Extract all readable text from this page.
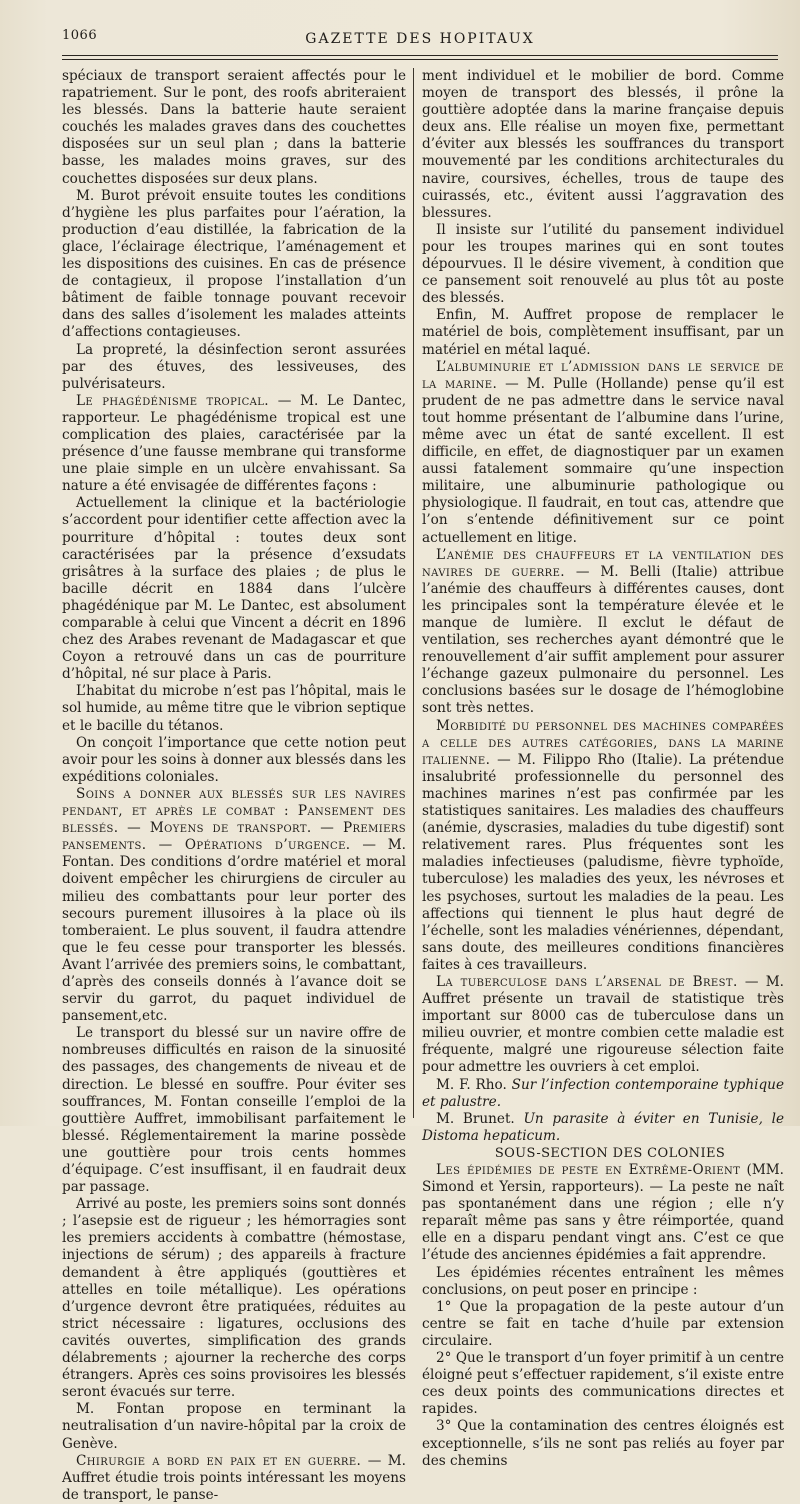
1066	GAZETTE DES HOPITAUX

spéciaux de transport seraient affectés pour le rapatriement. Sur le pont, des roofs abriteraient les blessés. Dans la batterie haute seraient couchés les malades graves dans des couchettes disposées sur un seul plan ; dans la batterie basse, les malades moins graves, sur des couchettes disposées sur deux plans.

M. Burot prévoit ensuite toutes les conditions d’hygiène les plus parfaites pour l’aération, la production d’eau distillée, la fabrication de la glace, l’éclairage électrique, l’aménagement et les dispositions des cuisines. En cas de présence de contagieux, il propose l’installation d’un bâtiment de faible tonnage pouvant recevoir dans des salles d’isolement les malades atteints d’affections contagieuses.

La propreté, la désinfection seront assurées par des étuves, des lessiveuses, des pulvérisateurs.

Le phagédénisme tropical. — M. Le Dantec, rapporteur. Le phagédénisme tropical est une complication des plaies, caractérisée par la présence d’une fausse membrane qui transforme une plaie simple en un ulcère envahissant. Sa nature a été envisagée de différentes façons :

Actuellement la clinique et la bactériologie s’accordent pour identifier cette affection avec la pourriture d’hôpital : toutes deux sont caractérisées par la présence d’exsudats grisâtres à la surface des plaies ; de plus le bacille décrit en 1884 dans l’ulcère phagédénique par M. Le Dantec, est absolument comparable à celui que Vincent a décrit en 1896 chez des Arabes revenant de Madagascar et que Coyon a retrouvé dans un cas de pourriture d’hôpital, né sur place à Paris.

L’habitat du microbe n’est pas l’hôpital, mais le sol humide, au même titre que le vibrion septique et le bacille du tétanos.

On conçoit l’importance que cette notion peut avoir pour les soins à donner aux blessés dans les expéditions coloniales.

Soins a donner aux blessés sur les navires pendant, et après le combat : Pansement des blessés. — Moyens de transport. — Premiers pansements. — Opérations d’urgence. — M. Fontan. Des conditions d’ordre matériel et moral doivent empêcher les chirurgiens de circuler au milieu des combattants pour leur porter des secours purement illusoires à la place où ils tomberaient. Le plus souvent, il faudra attendre que le feu cesse pour transporter les blessés. Avant l’arrivée des premiers soins, le combattant, d’après des conseils donnés à l’avance doit se servir du garrot, du paquet individuel de pansement,etc.

Le transport du blessé sur un navire offre de nombreuses difficultés en raison de la sinuosité des passages, des changements de niveau et de direction. Le blessé en souffre. Pour éviter ses souffrances, M. Fontan conseille l’emploi de la gouttière Auffret, immobilisant parfaitement le blessé. Réglementairement la marine possède une gouttière pour trois cents hommes d’équipage. C’est insuffisant, il en faudrait deux par passage.

Arrivé au poste, les premiers soins sont donnés ; l’asepsie est de rigueur ; les hémorragies sont les premiers accidents à combattre (hémostase, injections de sérum) ; des appareils à fracture demandent à être appliqués (gouttières et attelles en toile métallique). Les opérations d’urgence devront être pratiquées, réduites au strict nécessaire : ligatures, occlusions des cavités ouvertes, simplification des grands délabrements ; ajourner la recherche des corps étrangers. Après ces soins provisoires les blessés seront évacués sur terre.

M. Fontan propose en terminant la neutralisation d’un navire-hôpital par la croix de Genève.

Chirurgie a bord en paix et en guerre. — M. Auffret étudie trois points intéressant les moyens de transport, le panse-

ment individuel et le mobilier de bord. Comme moyen de transport des blessés, il prône la gouttière adoptée dans la marine française depuis deux ans. Elle réalise un moyen fixe, permettant d’éviter aux blessés les souffrances du transport mouvementé par les conditions architecturales du navire, coursives, échelles, trous de taupe des cuirassés, etc., évitent aussi l’aggravation des blessures.

Il insiste sur l’utilité du pansement individuel pour les troupes marines qui en sont toutes dépourvues. Il le désire vivement, à condition que ce pansement soit renouvelé au plus tôt au poste des blessés.

Enfin, M. Auffret propose de remplacer le matériel de bois, complètement insuffisant, par un matériel en métal laqué.

L’albuminurie et l’admission dans le service de la marine. — M. Pulle (Hollande) pense qu’il est prudent de ne pas admettre dans le service naval tout homme présentant de l’albumine dans l’urine, même avec un état de santé excellent. Il est difficile, en effet, de diagnostiquer par un examen aussi fatalement sommaire qu’une inspection militaire, une albuminurie pathologique ou physiologique. Il faudrait, en tout cas, attendre que l’on s’entende définitivement sur ce point actuellement en litige.

L’anémie des chauffeurs et la ventilation des navires de guerre. — M. Belli (Italie) attribue l’anémie des chauffeurs à différentes causes, dont les principales sont la température élevée et le manque de lumière. Il exclut le défaut de ventilation, ses recherches ayant démontré que le renouvellement d’air suffit amplement pour assurer l’échange gazeux pulmonaire du personnel. Les conclusions basées sur le dosage de l’hémoglobine sont très nettes.

Morbidité du personnel des machines comparées a celle des autres catégories, dans la marine italienne. — M. Filippo Rho (Italie). La prétendue insalubrité professionnelle du personnel des machines marines n’est pas confirmée par les statistiques sanitaires. Les maladies des chauffeurs (anémie, dyscrasies, maladies du tube digestif) sont relativement rares. Plus fréquentes sont les maladies infectieuses (paludisme, fièvre typhoïde, tuberculose) les maladies des yeux, les névroses et les psychoses, surtout les maladies de la peau. Les affections qui tiennent le plus haut degré de l’échelle, sont les maladies vénériennes, dépendant, sans doute, des meilleures conditions financières faites à ces travailleurs.

La tuberculose dans l’arsenal de Brest. — M. Auffret présente un travail de statistique très important sur 8000 cas de tuberculose dans un milieu ouvrier, et montre combien cette maladie est fréquente, malgré une rigoureuse sélection faite pour admettre les ouvriers à cet emploi.

M. F. Rho. Sur l’infection contemporaine typhique et palustre.

M. Brunet. Un parasite à éviter en Tunisie, le Distoma hepaticum.

SOUS-SECTION DES COLONIES

Les épidémies de peste en Extrême-Orient (MM. Simond et Yersin, rapporteurs). — La peste ne naît pas spontanément dans une région ; elle n’y reparaît même pas sans y être réimportée, quand elle en a disparu pendant vingt ans. C’est ce que l’étude des anciennes épidémies a fait apprendre.

Les épidémies récentes entraînent les mêmes conclusions, on peut poser en principe :

1° Que la propagation de la peste autour d’un centre se fait en tache d’huile par extension circulaire.

2° Que le transport d’un foyer primitif à un centre éloigné peut s’effectuer rapidement, s’il existe entre ces deux points des communications directes et rapides.

3° Que la contamination des centres éloignés est exceptionnelle, s’ils ne sont pas reliés au foyer par des chemins
